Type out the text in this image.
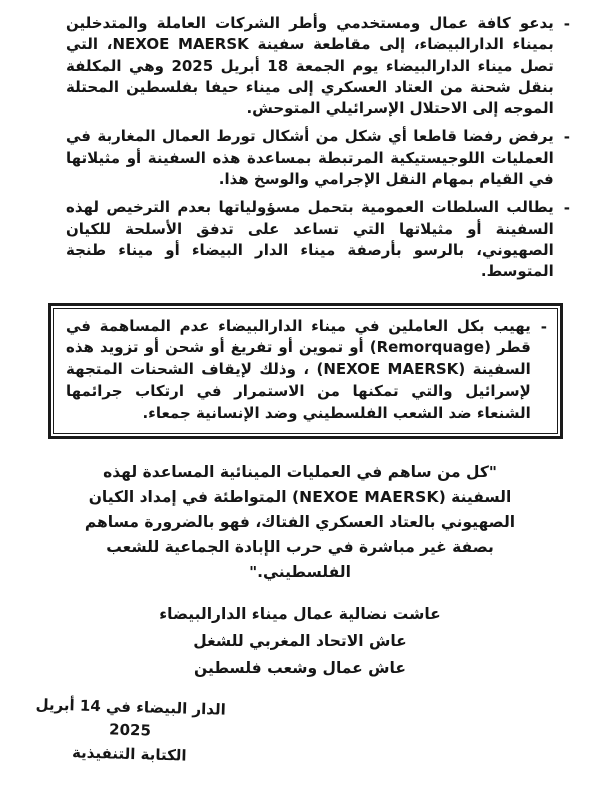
-
يدعو كافة عمال ومستخدمي وأطر الشركات العاملة والمتدخلين بميناء الدارالبيضاء، إلى مقاطعة سفينة NEXOE MAERSK، التي تصل ميناء الدارالبيضاء يوم الجمعة 18 أبريل 2025 وهي المكلفة بنقل شحنة من العتاد العسكري إلى ميناء حيفا بفلسطين المحتلة الموجه إلى الاحتلال الإسرائيلي المتوحش.
-
يرفض رفضا قاطعا أي شكل من أشكال تورط العمال المغاربة في العمليات اللوجيستيكية المرتبطة بمساعدة هذه السفينة أو مثيلاتها في القيام بمهام النقل الإجرامي والوسخ هذا.
-
يطالب السلطات العمومية بتحمل مسؤولياتها بعدم الترخيص لهذه السفينة أو مثيلاتها التي تساعد على تدفق الأسلحة للكيان الصهيوني، بالرسو بأرصفة ميناء الدار البيضاء أو ميناء طنجة المتوسط.
-
يهيب بكل العاملين في ميناء الدارالبيضاء عدم المساهمة في قطر (Remorquage) أو تموين أو تفريغ أو شحن أو تزويد هذه السفينة (NEXOE MAERSK) ، وذلك لإيقاف الشحنات المتجهة لإسرائيل والتي تمكنها من الاستمرار في ارتكاب جرائمها الشنعاء ضد الشعب الفلسطيني وضد الإنسانية جمعاء.
"كل من ساهم في العمليات المينائية المساعدة لهذه السفينة (NEXOE MAERSK) المتواطئة في إمداد الكيان الصهيوني بالعتاد العسكري الفتاك، فهو بالضرورة مساهم بصفة غير مباشرة في حرب الإبادة الجماعية للشعب الفلسطيني."
عاشت نضالية عمال ميناء الدارالبيضاء
عاش الاتحاد المغربي للشغل
عاش عمال وشعب فلسطين
الدار البيضاء في 14 أبريل 2025
الكتابة التنفيذية
